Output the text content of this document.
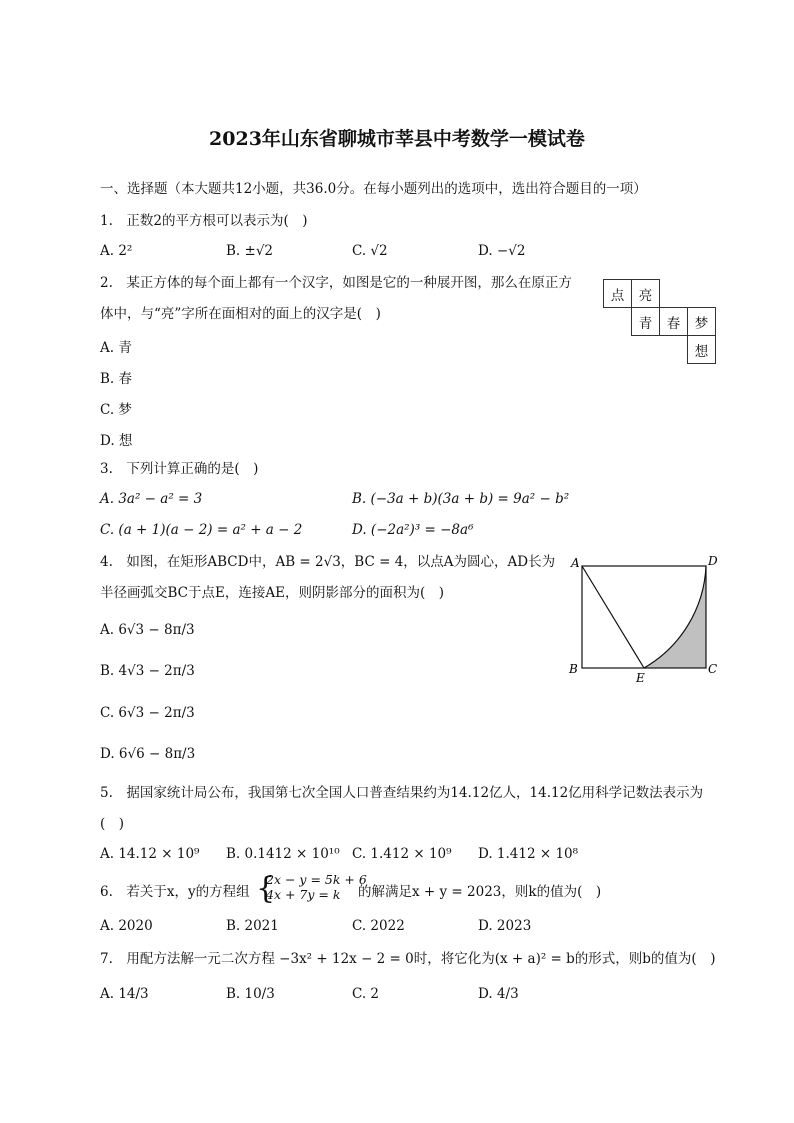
2023年山东省聊城市莘县中考数学一模试卷
一、选择题（本大题共12小题，共36.0分。在每小题列出的选项中，选出符合题目的一项）
1.　正数2的平方根可以表示为(　)
A. 2²	B. ±√2	C. √2	D. −√2
2.　某正方体的每个面上都有一个汉字，如图是它的一种展开图，那么在原正方
体中，与“亮”字所在面相对的面上的汉字是(　)
A. 青
B. 春
C. 梦
D. 想
点	亮		
	青	春	梦
			想
3.　下列计算正确的是(　)
A. 3a² − a² = 3	B. (−3a + b)(3a + b) = 9a² − b²
C. (a + 1)(a − 2) = a² + a − 2	D. (−2a²)³ = −8a⁶
4.　如图，在矩形ABCD中，AB = 2√3，BC = 4，以点A为圆心，AD长为
半径画弧交BC于点E，连接AE，则阴影部分的面积为(　)
A. 6√3 − 8π/3
B. 4√3 − 2π/3
C. 6√3 − 2π/3
D. 6√6 − 8π/3
A	D
B
E
C
5.　据国家统计局公布，我国第七次全国人口普查结果约为14.12亿人，14.12亿用科学记数法表示为
(　)
A. 14.12 × 10⁹ B. 0.1412 × 10¹⁰ C. 1.412 × 10⁹ D. 1.412 × 10⁸
6.　若关于x，y的方程组 {
2x − y = 5k + 6
4x + 7y = k 的解满足x + y = 2023，则k的值为(　)
A. 2020	B. 2021	C. 2022	D. 2023
7.　用配方法解一元二次方程 −3x² + 12x − 2 = 0时，将它化为(x + a)² = b的形式，则b的值为(　)
A. 14/3	B. 10/3	C. 2	D. 4/3
